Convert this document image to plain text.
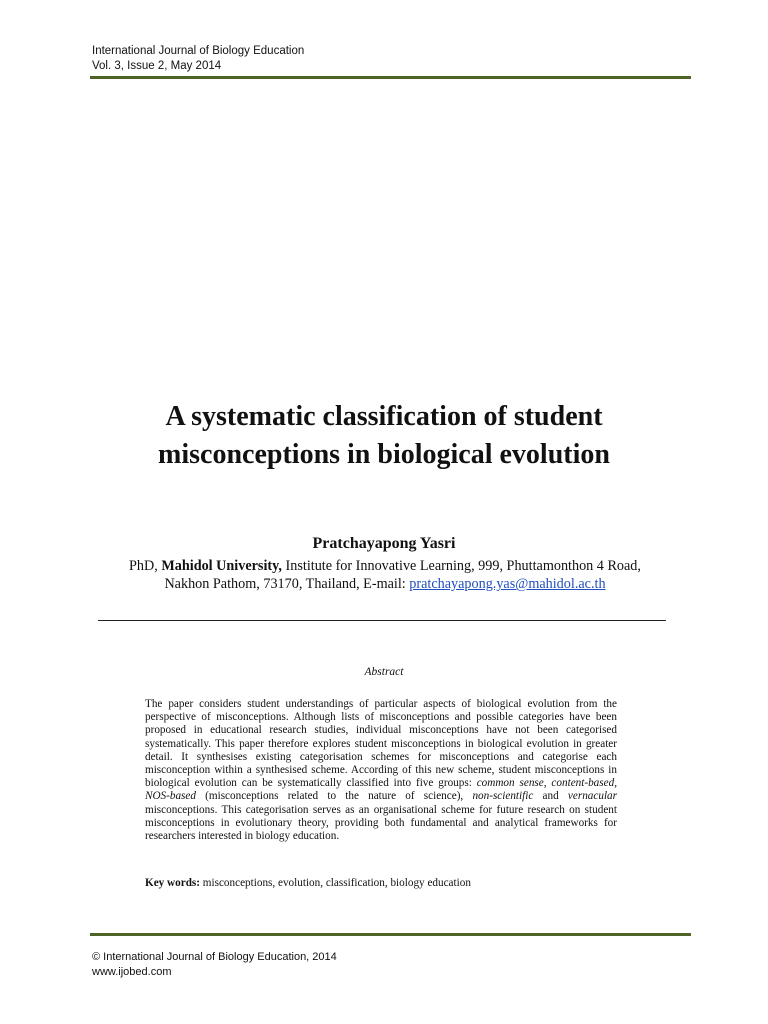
International Journal of Biology Education
Vol. 3, Issue 2, May 2014
A systematic classification of student
misconceptions in biological evolution
Pratchayapong Yasri
PhD, Mahidol University, Institute for Innovative Learning, 999, Phuttamonthon 4 Road,
Nakhon Pathom, 73170, Thailand, E-mail: pratchayapong.yas@mahidol.ac.th
Abstract
The paper considers student understandings of particular aspects of biological evolution from the perspective of misconceptions. Although lists of misconceptions and possible categories have been proposed in educational research studies, individual misconceptions have not been categorised systematically. This paper therefore explores student misconceptions in biological evolution in greater detail. It synthesises existing categorisation schemes for misconceptions and categorise each misconception within a synthesised scheme. According of this new scheme, student misconceptions in biological evolution can be systematically classified into five groups: common sense, content-based, NOS-based (misconceptions related to the nature of science), non-scientific and vernacular misconceptions. This categorisation serves as an organisational scheme for future research on student misconceptions in evolutionary theory, providing both fundamental and analytical frameworks for researchers interested in biology education.
Key words: misconceptions, evolution, classification, biology education
© International Journal of Biology Education, 2014
www.ijobed.com
